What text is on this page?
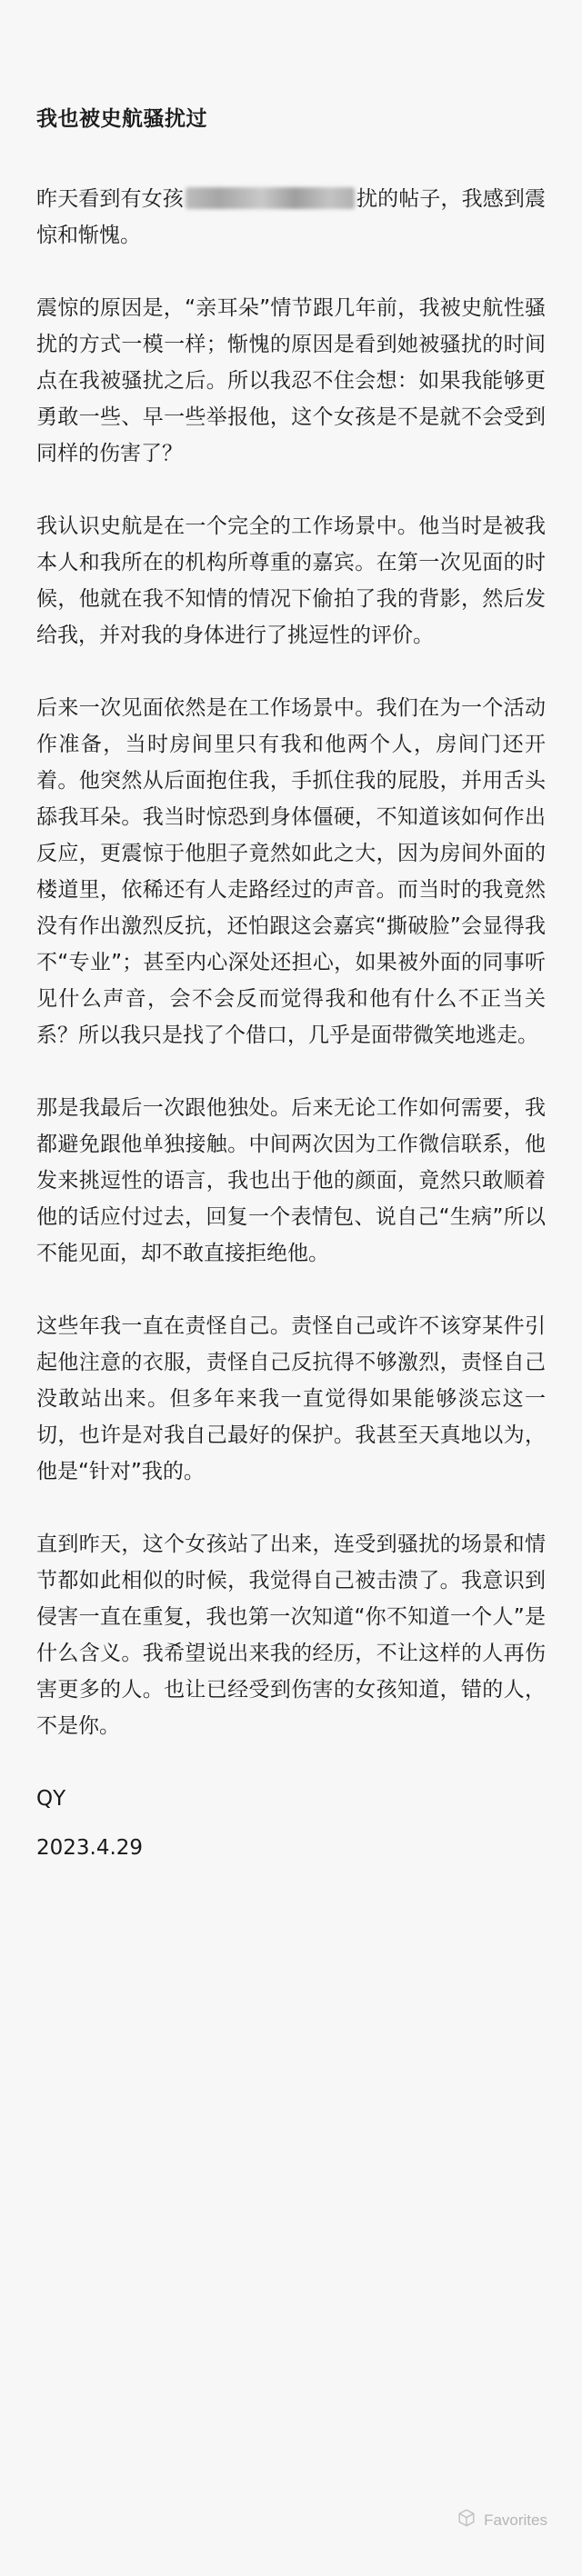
我也被史航骚扰过
昨天看到有女孩	扰的帖子，我感到震惊和惭愧。
震惊的原因是，“亲耳朵”情节跟几年前，我被史航性骚扰的方式一模一样；惭愧的原因是看到她被骚扰的时间点在我被骚扰之后。所以我忍不住会想：如果我能够更勇敢一些、早一些举报他，这个女孩是不是就不会受到同样的伤害了？
我认识史航是在一个完全的工作场景中。他当时是被我本人和我所在的机构所尊重的嘉宾。在第一次见面的时候，他就在我不知情的情况下偷拍了我的背影，然后发给我，并对我的身体进行了挑逗性的评价。
后来一次见面依然是在工作场景中。我们在为一个活动作准备，当时房间里只有我和他两个人，房间门还开着。他突然从后面抱住我，手抓住我的屁股，并用舌头舔我耳朵。我当时惊恐到身体僵硬，不知道该如何作出反应，更震惊于他胆子竟然如此之大，因为房间外面的楼道里，依稀还有人走路经过的声音。而当时的我竟然没有作出激烈反抗，还怕跟这会嘉宾“撕破脸”会显得我不“专业”；甚至内心深处还担心，如果被外面的同事听见什么声音，会不会反而觉得我和他有什么不正当关系？所以我只是找了个借口，几乎是面带微笑地逃走。
那是我最后一次跟他独处。后来无论工作如何需要，我都避免跟他单独接触。中间两次因为工作微信联系，他发来挑逗性的语言，我也出于他的颜面，竟然只敢顺着他的话应付过去，回复一个表情包、说自己“生病”所以不能见面，却不敢直接拒绝他。
这些年我一直在责怪自己。责怪自己或许不该穿某件引起他注意的衣服，责怪自己反抗得不够激烈，责怪自己没敢站出来。但多年来我一直觉得如果能够淡忘这一切，也许是对我自己最好的保护。我甚至天真地以为，他是“针对”我的。
直到昨天，这个女孩站了出来，连受到骚扰的场景和情节都如此相似的时候，我觉得自己被击溃了。我意识到侵害一直在重复，我也第一次知道“你不知道一个人”是什么含义。我希望说出来我的经历，不让这样的人再伤害更多的人。也让已经受到伤害的女孩知道，错的人，不是你。
QY
2023.4.29
Favorites
